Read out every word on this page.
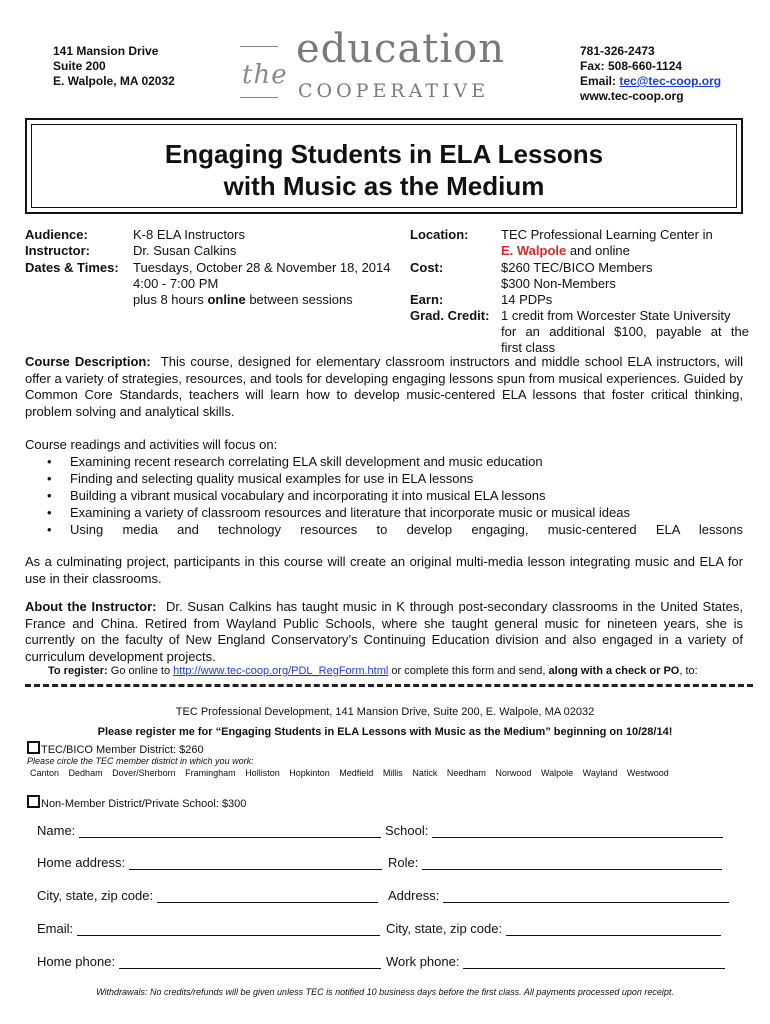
141 Mansion Drive
Suite 200
E. Walpole, MA 02032	the
education
COOPERATIVE
781-326-2473
Fax: 508-660-1124
Email: tec@tec-coop.org
www.tec-coop.org
Engaging Students in ELA Lessons
with Music as the Medium
Audience:	K-8 ELA Instructors
Instructor:	Dr. Susan Calkins
Dates & Times: Tuesdays, October 28 & November 18, 2014
4:00 - 7:00 PM
plus 8 hours online between sessions
Location:	TEC Professional Learning Center in
E. Walpole and online
Cost:	$260 TEC/BICO Members
$300 Non-Members
Earn:	14 PDPs
Grad. Credit: 1 credit from Worcester State University
for an additional $100, payable at the
first class
Course Description: This course, designed for elementary classroom instructors and middle school ELA instructors, will offer a variety of strategies, resources, and tools for developing engaging lessons spun from musical experiences. Guided by Common Core Standards, teachers will learn how to develop music-centered ELA lessons that foster critical thinking, problem solving and analytical skills.
Course readings and activities will focus on:
• Examining recent research correlating ELA skill development and music education
• Finding and selecting quality musical examples for use in ELA lessons
• Building a vibrant musical vocabulary and incorporating it into musical ELA lessons
• Examining a variety of classroom resources and literature that incorporate music or musical ideas
• Using media and technology resources to develop engaging, music-centered ELA lessons
As a culminating project, participants in this course will create an original multi-media lesson integrating music and ELA for use in their classrooms.
About the Instructor: Dr. Susan Calkins has taught music in K through post-secondary classrooms in the United States, France and China. Retired from Wayland Public Schools, where she taught general music for nineteen years, she is currently on the faculty of New England Conservatory’s Continuing Education division and also engaged in a variety of curriculum development projects.
To register: Go online to http://www.tec-coop.org/PDL_RegForm.html or complete this form and send, along with a check or PO, to:
TEC Professional Development, 141 Mansion Drive, Suite 200, E. Walpole, MA 02032
Please register me for “Engaging Students in ELA Lessons with Music as the Medium” beginning on 10/28/14!
TEC/BICO Member District: $260
Please circle the TEC member district in which you work:
Canton Dedham Dover/Sherborn Framingham Holliston Hopkinton Medfield Millis Natick Needham Norwood Walpole Wayland Westwood
Non-Member District/Private School: $300
Name:	School:
Home address:	Role:
City, state, zip code:	Address:
Email:	City, state, zip code:
Home phone:	Work phone:
Withdrawals: No credits/refunds will be given unless TEC is notified 10 business days before the first class. All payments processed upon receipt.
